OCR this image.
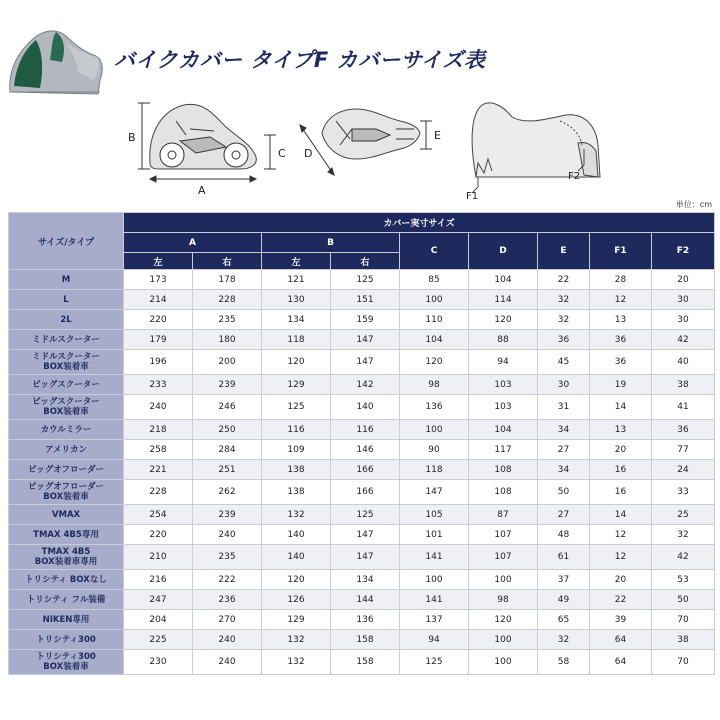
バイクカバー タイプF カバーサイズ表
A
B
C D
E
F1
F2
単位：cm
サイズ/タイプ	カバー実寸サイズ								
	A		B		C	D	E	F1	F2
	左	右	左	右					

M	173	178	121	125	85	104	22	28	20

L	214	228	130	151	100	114	32	12	30

2L	220	235	134	159	110	120	32	13	30

ミドルスクーター	179	180	118	147	104	88	36	36	42

ミドルスクーター
BOX装着車	196	200	120	147	120	94	45	36	40

ビッグスクーター	233	239	129	142	98	103	30	19	38

ビッグスクーター
BOX装着車	240	246	125	140	136	103	31	14	41

カウルミラー	218	250	116	116	100	104	34	13	36

アメリカン	258	284	109	146	90	117	27	20	77

ビッグオフローダー	221	251	138	166	118	108	34	16	24

ビッグオフローダー
BOX装着車	228	262	138	166	147	108	50	16	33

VMAX	254	239	132	125	105	87	27	14	25

TMAX 4B5専用	220	240	140	147	101	107	48	12	32

TMAX 4B5
BOX装着車専用	210	235	140	147	141	107	61	12	42

トリシティ BOXなし	216	222	120	134	100	100	37	20	53

トリシティ フル装備	247	236	126	144	141	98	49	22	50

NIKEN専用	204	270	129	136	137	120	65	39	70

トリシティ300	225	240	132	158	94	100	32	64	38

トリシティ300
BOX装着車	230	240	132	158	125	100	58	64	70
